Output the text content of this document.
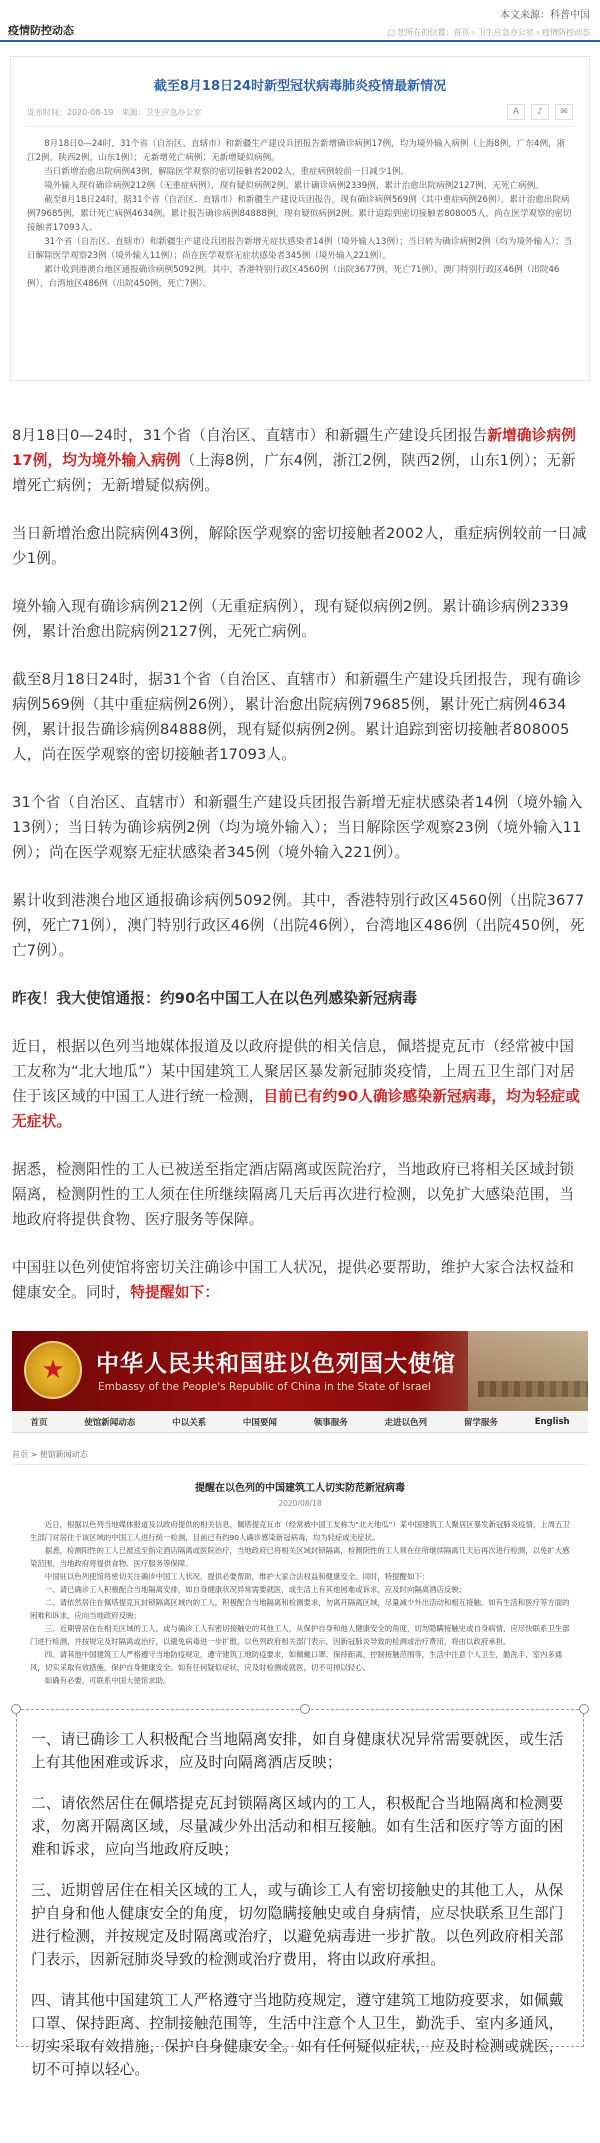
本文来源：科普中国
疫情防控动态	□ 您所在的位置：首页 › 卫生应急办公室 › 疫情防控动态
截至8月18日24时新型冠状病毒肺炎疫情最新情况
发布时间：2020-08-19　来源：卫生应急办公室	A	♪	✉

8月18日0—24时，31个省（自治区、直辖市）和新疆生产建设兵团报告新增确诊病例17例，均为境外输入病例（上海8例，广东4例，浙江2例，陕西2例，山东1例）；无新增死亡病例；无新增疑似病例。

当日新增治愈出院病例43例，解除医学观察的密切接触者2002人，重症病例较前一日减少1例。

境外输入现有确诊病例212例（无重症病例），现有疑似病例2例。累计确诊病例2339例，累计治愈出院病例2127例，无死亡病例。

截至8月18日24时，据31个省（自治区、直辖市）和新疆生产建设兵团报告，现有确诊病例569例（其中重症病例26例），累计治愈出院病例79685例，累计死亡病例4634例，累计报告确诊病例84888例，现有疑似病例2例。累计追踪到密切接触者808005人，尚在医学观察的密切接触者17093人。

31个省（自治区、直辖市）和新疆生产建设兵团报告新增无症状感染者14例（境外输入13例）；当日转为确诊病例2例（均为境外输入）；当日解除医学观察23例（境外输入11例）；尚在医学观察无症状感染者345例（境外输入221例）。

累计收到港澳台地区通报确诊病例5092例。其中，香港特别行政区4560例（出院3677例，死亡71例），澳门特别行政区46例（出院46例），台湾地区486例（出院450例，死亡7例）。

8月18日0—24时，31个省（自治区、直辖市）和新疆生产建设兵团报告新增确诊病例17例，均为境外输入病例（上海8例，广东4例，浙江2例，陕西2例，山东1例）；无新增死亡病例；无新增疑似病例。

当日新增治愈出院病例43例，解除医学观察的密切接触者2002人，重症病例较前一日减少1例。

境外输入现有确诊病例212例（无重症病例），现有疑似病例2例。累计确诊病例2339例，累计治愈出院病例2127例，无死亡病例。

截至8月18日24时，据31个省（自治区、直辖市）和新疆生产建设兵团报告，现有确诊病例569例（其中重症病例26例），累计治愈出院病例79685例，累计死亡病例4634例，累计报告确诊病例84888例，现有疑似病例2例。累计追踪到密切接触者808005人，尚在医学观察的密切接触者17093人。

31个省（自治区、直辖市）和新疆生产建设兵团报告新增无症状感染者14例（境外输入13例）；当日转为确诊病例2例（均为境外输入）；当日解除医学观察23例（境外输入11例）；尚在医学观察无症状感染者345例（境外输入221例）。

累计收到港澳台地区通报确诊病例5092例。其中，香港特别行政区4560例（出院3677例，死亡71例），澳门特别行政区46例（出院46例），台湾地区486例（出院450例，死亡7例）。

昨夜！我大使馆通报：约90名中国工人在以色列感染新冠病毒

近日，根据以色列当地媒体报道及以政府提供的相关信息，佩塔提克瓦市（经常被中国工友称为“北大地瓜”）某中国建筑工人聚居区暴发新冠肺炎疫情，上周五卫生部门对居住于该区域的中国工人进行统一检测，目前已有约90人确诊感染新冠病毒，均为轻症或无症状。

据悉，检测阳性的工人已被送至指定酒店隔离或医院治疗，当地政府已将相关区域封锁隔离，检测阴性的工人须在住所继续隔离几天后再次进行检测，以免扩大感染范围，当地政府将提供食物、医疗服务等保障。

中国驻以色列使馆将密切关注确诊中国工人状况，提供必要帮助，维护大家合法权益和健康安全。同时，特提醒如下：

★
中华人民共和国驻以色列国大使馆
Embassy of the People's Republic of China in the State of Israel
首页	使馆新闻动态	中以关系	中国要闻	领事服务	走进以色列	留学服务	English
首页 > 使馆新闻动态
提醒在以色列的中国建筑工人切实防范新冠病毒
2020/08/18

近日，根据以色列当地媒体报道及以政府提供的相关信息，佩塔提克瓦市（经常被中国工友称为“北大地瓜”）某中国建筑工人聚居区暴发新冠肺炎疫情，上周五卫生部门对居住于该区域的中国工人进行统一检测，目前已有约90人确诊感染新冠病毒，均为轻症或无症状。

据悉，检测阳性的工人已被送至指定酒店隔离或医院治疗，当地政府已将相关区域封锁隔离，检测阴性的工人须在住所继续隔离几天后再次进行检测，以免扩大感染范围，当地政府将提供食物、医疗服务等保障。

中国驻以色列使馆将密切关注确诊中国工人状况，提供必要帮助，维护大家合法权益和健康安全。同时，特提醒如下：

一、请已确诊工人积极配合当地隔离安排，如自身健康状况异常需要就医，或生活上有其他困难或诉求，应及时向隔离酒店反映；

二、请依然居住在佩塔提克瓦封锁隔离区域内的工人，积极配合当地隔离和检测要求，勿离开隔离区域，尽量减少外出活动和相互接触。如有生活和医疗等方面的困难和诉求，应向当地政府反映；

三、近期曾居住在相关区域的工人，或与确诊工人有密切接触史的其他工人，从保护自身和他人健康安全的角度，切勿隐瞒接触史或自身病情，应尽快联系卫生部门进行检测，并按规定及时隔离或治疗，以避免病毒进一步扩散。以色列政府相关部门表示，因新冠肺炎导致的检测或治疗费用，将由以政府承担。

四、请其他中国建筑工人严格遵守当地防疫规定，遵守建筑工地防疫要求，如佩戴口罩、保持距离、控制接触范围等，生活中注意个人卫生，勤洗手、室内多通风，切实采取有效措施，保护自身健康安全。如有任何疑似症状，应及时检测或就医，切不可掉以轻心。

如确有必要，可联系中国大使馆求助。

一、请已确诊工人积极配合当地隔离安排，如自身健康状况异常需要就医，或生活上有其他困难或诉求，应及时向隔离酒店反映；

二、请依然居住在佩塔提克瓦封锁隔离区域内的工人，积极配合当地隔离和检测要求，勿离开隔离区域，尽量减少外出活动和相互接触。如有生活和医疗等方面的困难和诉求，应向当地政府反映；

三、近期曾居住在相关区域的工人，或与确诊工人有密切接触史的其他工人，从保护自身和他人健康安全的角度，切勿隐瞒接触史或自身病情，应尽快联系卫生部门进行检测，并按规定及时隔离或治疗，以避免病毒进一步扩散。以色列政府相关部门表示，因新冠肺炎导致的检测或治疗费用，将由以政府承担。

四、请其他中国建筑工人严格遵守当地防疫规定，遵守建筑工地防疫要求，如佩戴口罩、保持距离、控制接触范围等，生活中注意个人卫生，勤洗手、室内多通风，切实采取有效措施，保护自身健康安全。如有任何疑似症状，应及时检测或就医，切不可掉以轻心。
